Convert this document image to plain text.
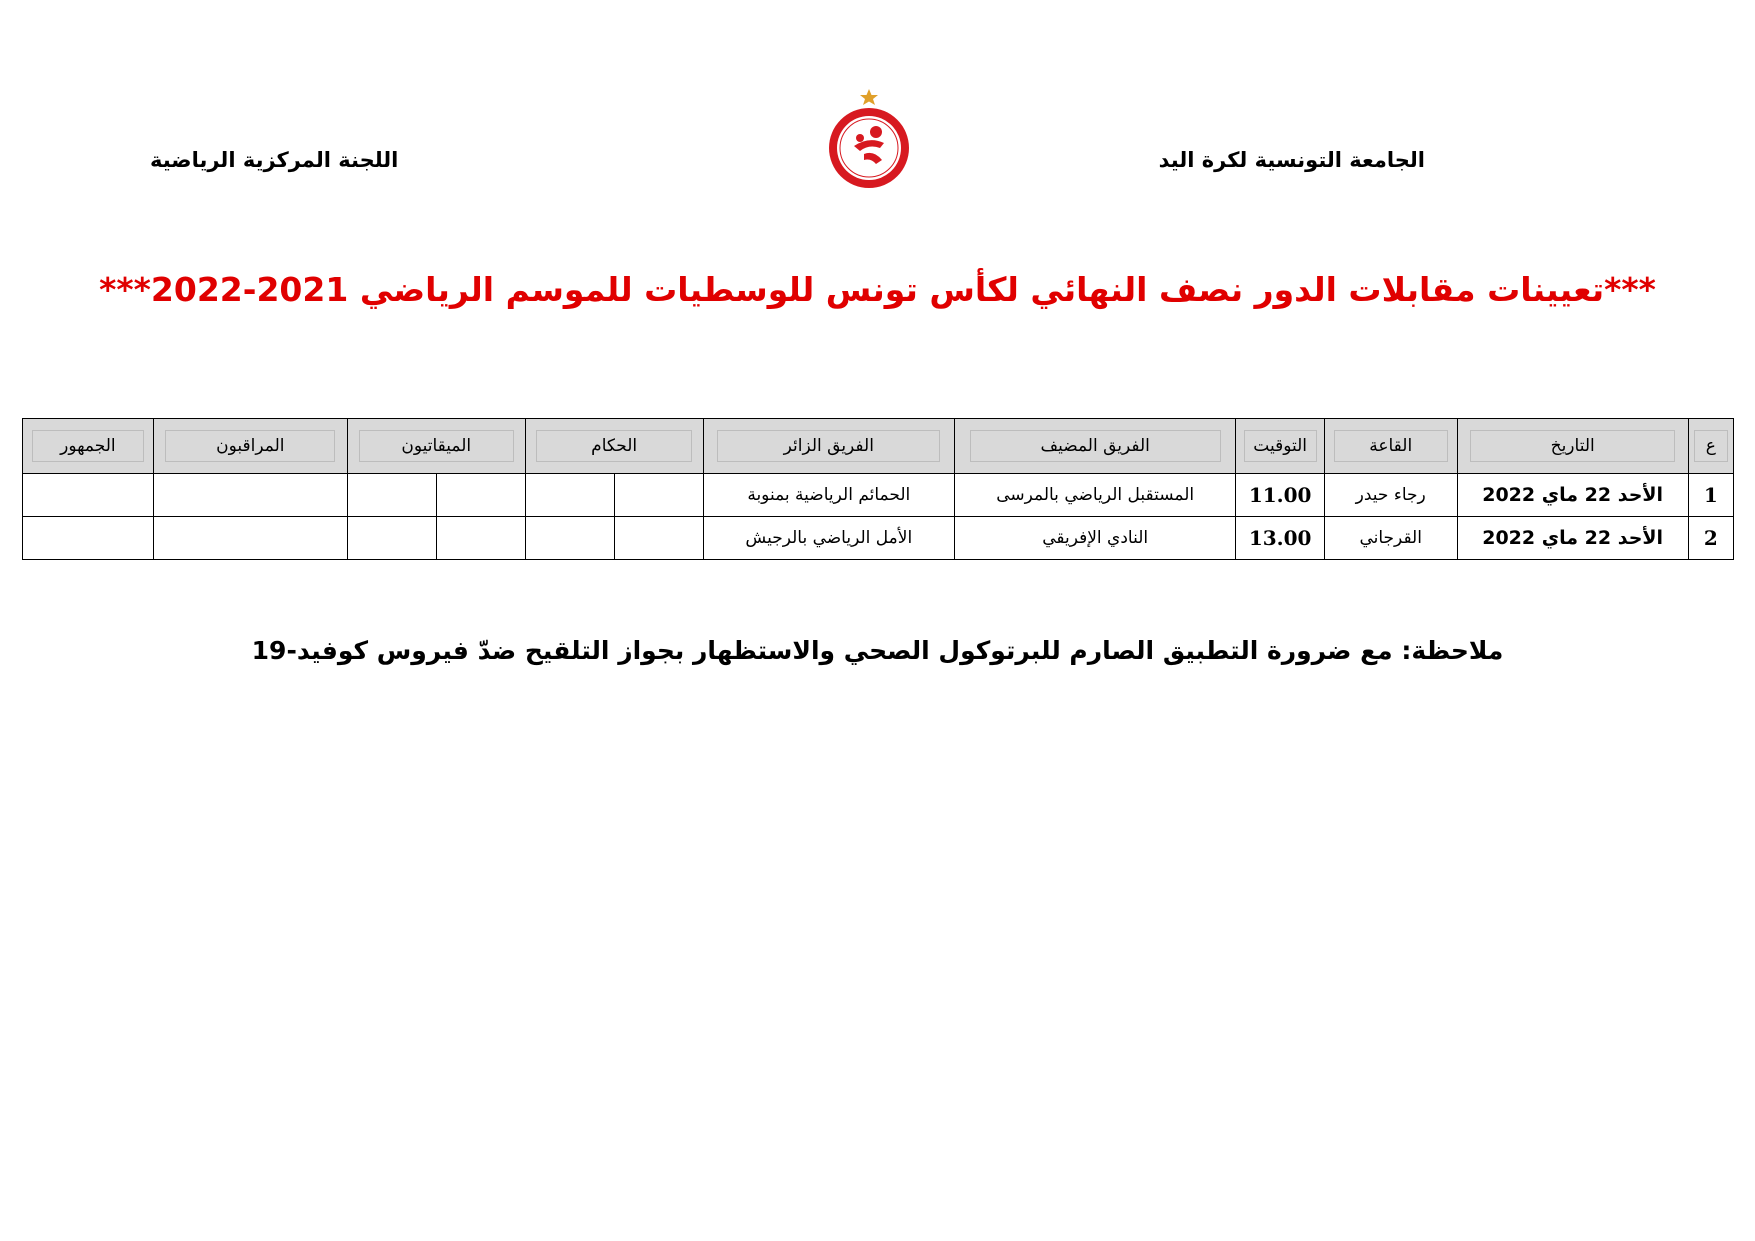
الجامعة التونسية لكرة اليد
اللجنة المركزية الرياضية
***تعيينات مقابلات الدور نصف النهائي لكأس تونس للوسطيات للموسم الرياضي 2021-2022***
ع	التاريخ	القاعة	التوقيت	الفريق المضيف	الفريق الزائر	الحكام		الميقاتيون		المراقبون	الجمهور
1	الأحد 22 ماي 2022	رجاء حيدر	11.00	المستقبل الرياضي بالمرسى	الحمائم الرياضية بمنوبة						
2	الأحد 22 ماي 2022	القرجاني	13.00	النادي الإفريقي	الأمل الرياضي بالرجيش						
ملاحظة: مع ضرورة التطبيق الصارم للبرتوكول الصحي والاستظهار بجواز التلقيح ضدّ فيروس كوفيد-19
